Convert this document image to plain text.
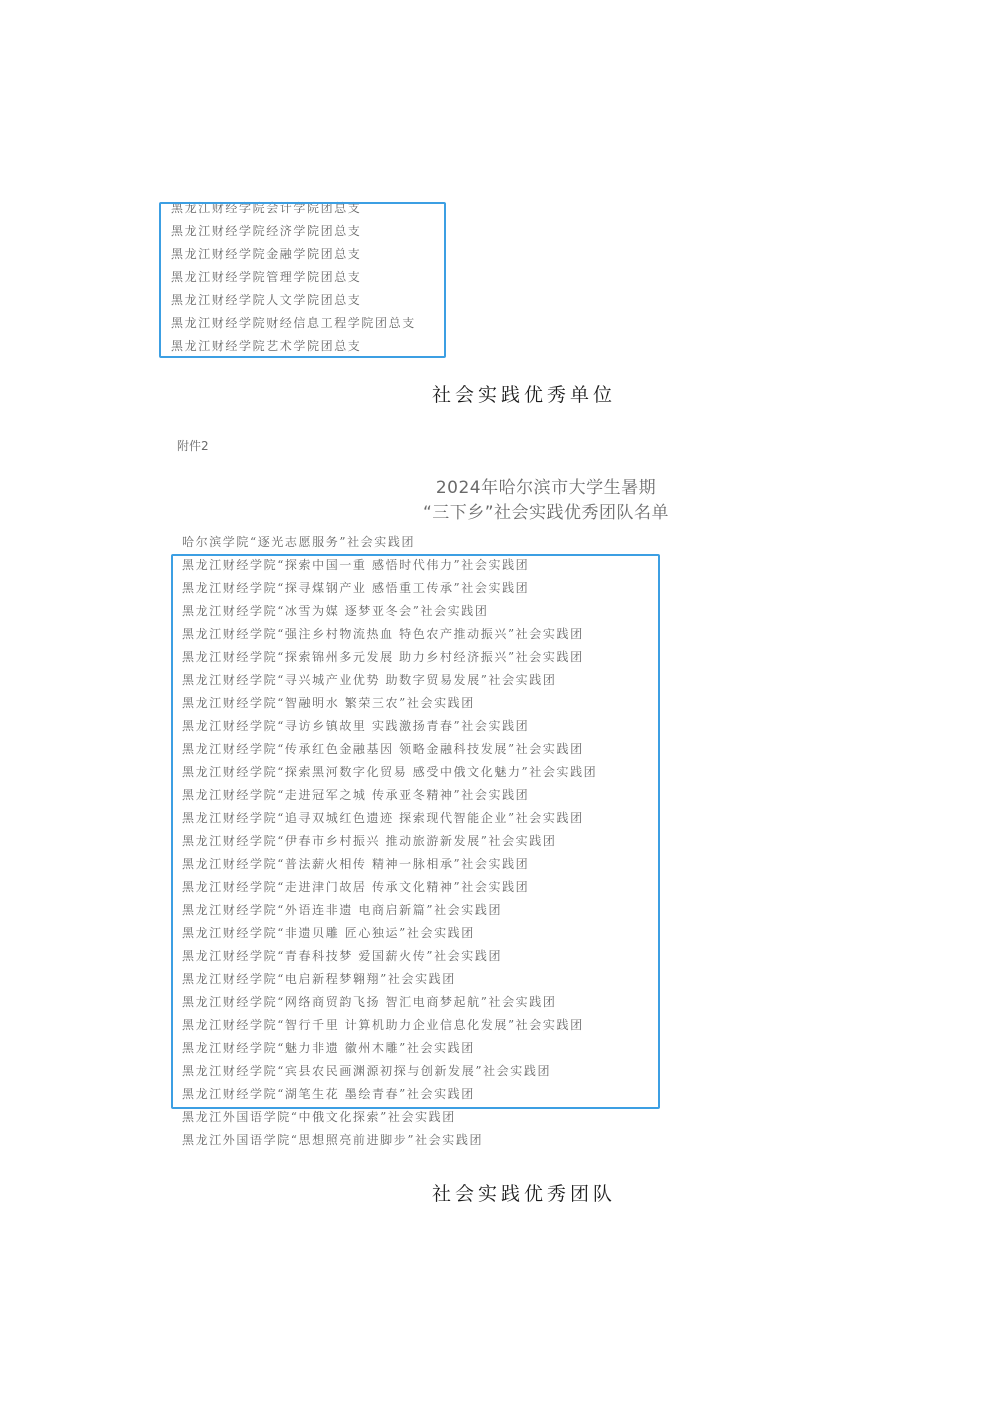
黑龙江财经学院会计学院团总支
黑龙江财经学院经济学院团总支
黑龙江财经学院金融学院团总支
黑龙江财经学院管理学院团总支
黑龙江财经学院人文学院团总支
黑龙江财经学院财经信息工程学院团总支
黑龙江财经学院艺术学院团总支
社会实践优秀单位
附件2
2024年哈尔滨市大学生暑期
“三下乡”社会实践优秀团队名单
哈尔滨学院“逐光志愿服务”社会实践团
黑龙江财经学院“探索中国一重 感悟时代伟力”社会实践团
黑龙江财经学院“探寻煤钢产业 感悟重工传承”社会实践团
黑龙江财经学院“冰雪为媒 逐梦亚冬会”社会实践团
黑龙江财经学院“强注乡村物流热血 特色农产推动振兴”社会实践团
黑龙江财经学院“探索锦州多元发展 助力乡村经济振兴”社会实践团
黑龙江财经学院“寻兴城产业优势 助数字贸易发展”社会实践团
黑龙江财经学院“智融明水 繁荣三农”社会实践团
黑龙江财经学院“寻访乡镇故里 实践激扬青春”社会实践团
黑龙江财经学院“传承红色金融基因 领略金融科技发展”社会实践团
黑龙江财经学院“探索黑河数字化贸易 感受中俄文化魅力”社会实践团
黑龙江财经学院“走进冠军之城 传承亚冬精神”社会实践团
黑龙江财经学院“追寻双城红色遗迹 探索现代智能企业”社会实践团
黑龙江财经学院“伊春市乡村振兴 推动旅游新发展”社会实践团
黑龙江财经学院“普法薪火相传 精神一脉相承”社会实践团
黑龙江财经学院“走进津门故居 传承文化精神”社会实践团
黑龙江财经学院“外语连非遗 电商启新篇”社会实践团
黑龙江财经学院“非遗贝雕 匠心独运”社会实践团
黑龙江财经学院“青春科技梦 爱国薪火传”社会实践团
黑龙江财经学院“电启新程梦翱翔”社会实践团
黑龙江财经学院“网络商贸韵飞扬 智汇电商梦起航”社会实践团
黑龙江财经学院“智行千里 计算机助力企业信息化发展”社会实践团
黑龙江财经学院“魅力非遗 徽州木雕”社会实践团
黑龙江财经学院“宾县农民画渊源初探与创新发展”社会实践团
黑龙江财经学院“湖笔生花 墨绘青春”社会实践团
黑龙江外国语学院“中俄文化探索”社会实践团
黑龙江外国语学院“思想照亮前进脚步”社会实践团
社会实践优秀团队
